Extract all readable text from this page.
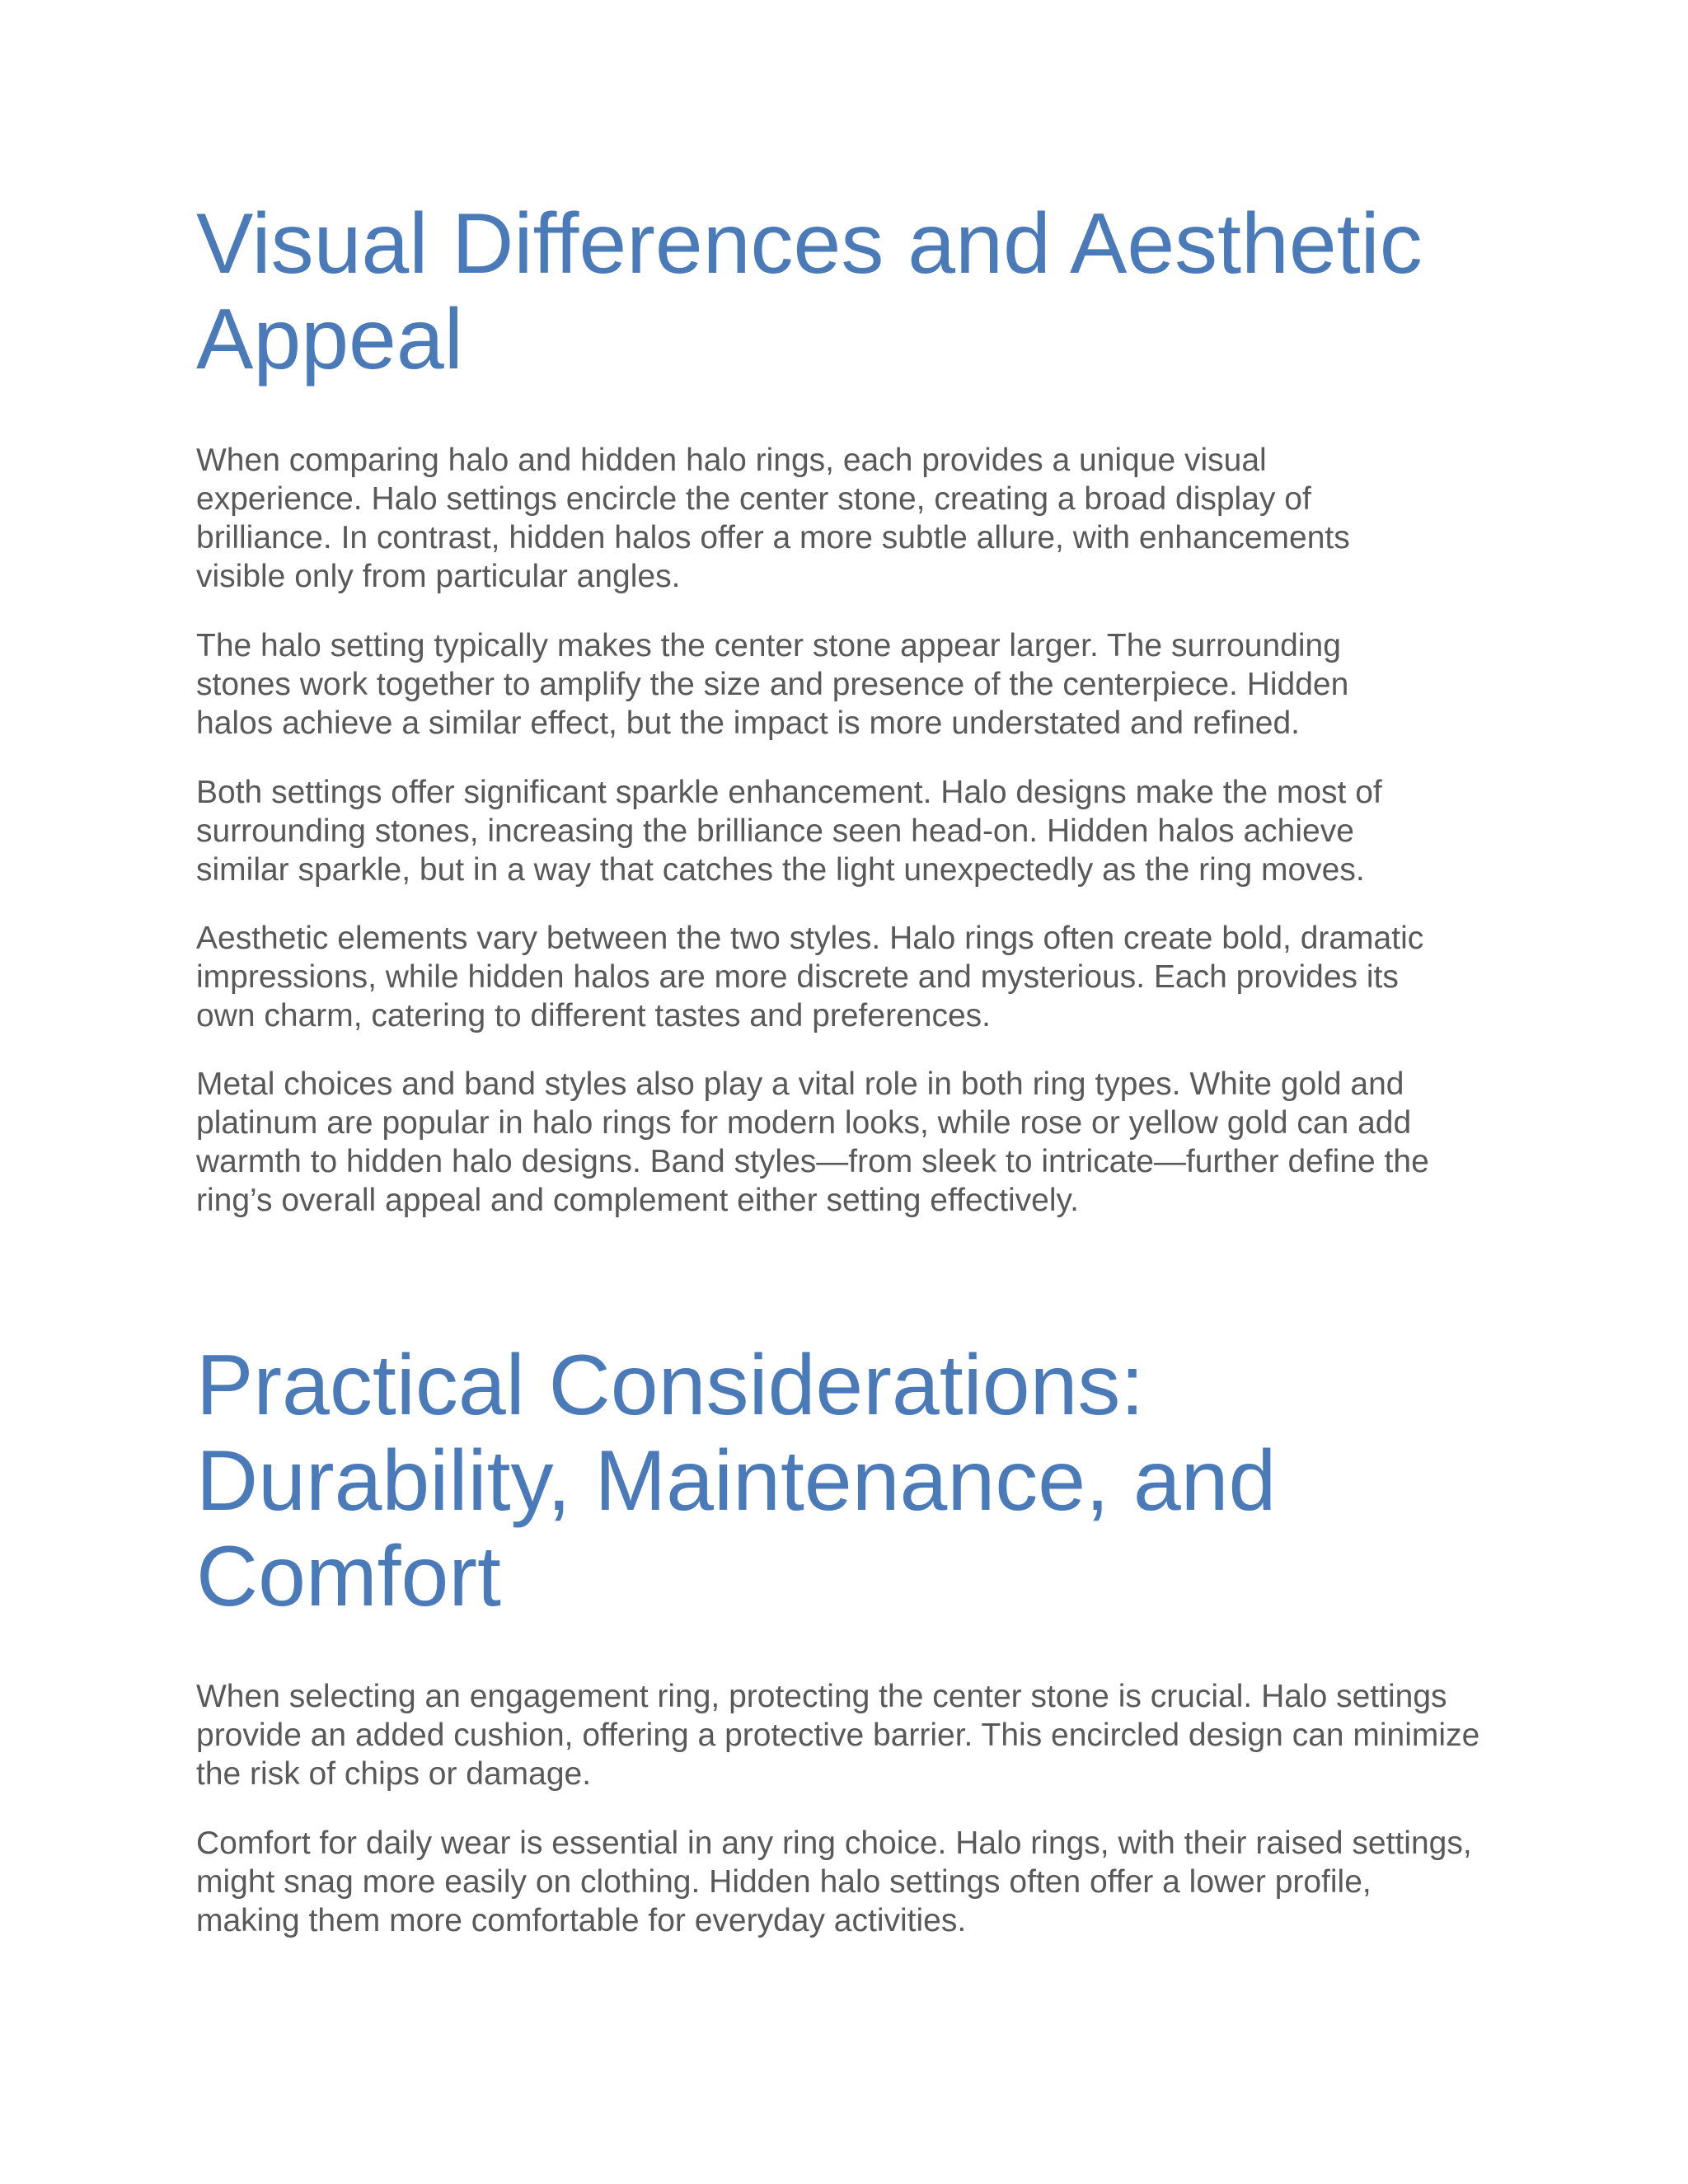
Visual Differences and Aesthetic Appeal

When comparing halo and hidden halo rings, each provides a unique visual experience. Halo settings encircle the center stone, creating a broad display of brilliance. In contrast, hidden halos offer a more subtle allure, with enhancements visible only from particular angles.

The halo setting typically makes the center stone appear larger. The surrounding stones work together to amplify the size and presence of the centerpiece. Hidden halos achieve a similar effect, but the impact is more understated and refined.

Both settings offer significant sparkle enhancement. Halo designs make the most of surrounding stones, increasing the brilliance seen head-on. Hidden halos achieve similar sparkle, but in a way that catches the light unexpectedly as the ring moves.

Aesthetic elements vary between the two styles. Halo rings often create bold, dramatic impressions, while hidden halos are more discrete and mysterious. Each provides its own charm, catering to different tastes and preferences.

Metal choices and band styles also play a vital role in both ring types. White gold and platinum are popular in halo rings for modern looks, while rose or yellow gold can add warmth to hidden halo designs. Band styles—from sleek to intricate—further define the ring’s overall appeal and complement either setting effectively.

Practical Considerations: Durability, Maintenance, and Comfort

When selecting an engagement ring, protecting the center stone is crucial. Halo settings provide an added cushion, offering a protective barrier. This encircled design can minimize the risk of chips or damage.

Comfort for daily wear is essential in any ring choice. Halo rings, with their raised settings, might snag more easily on clothing. Hidden halo settings often offer a lower profile, making them more comfortable for everyday activities.
